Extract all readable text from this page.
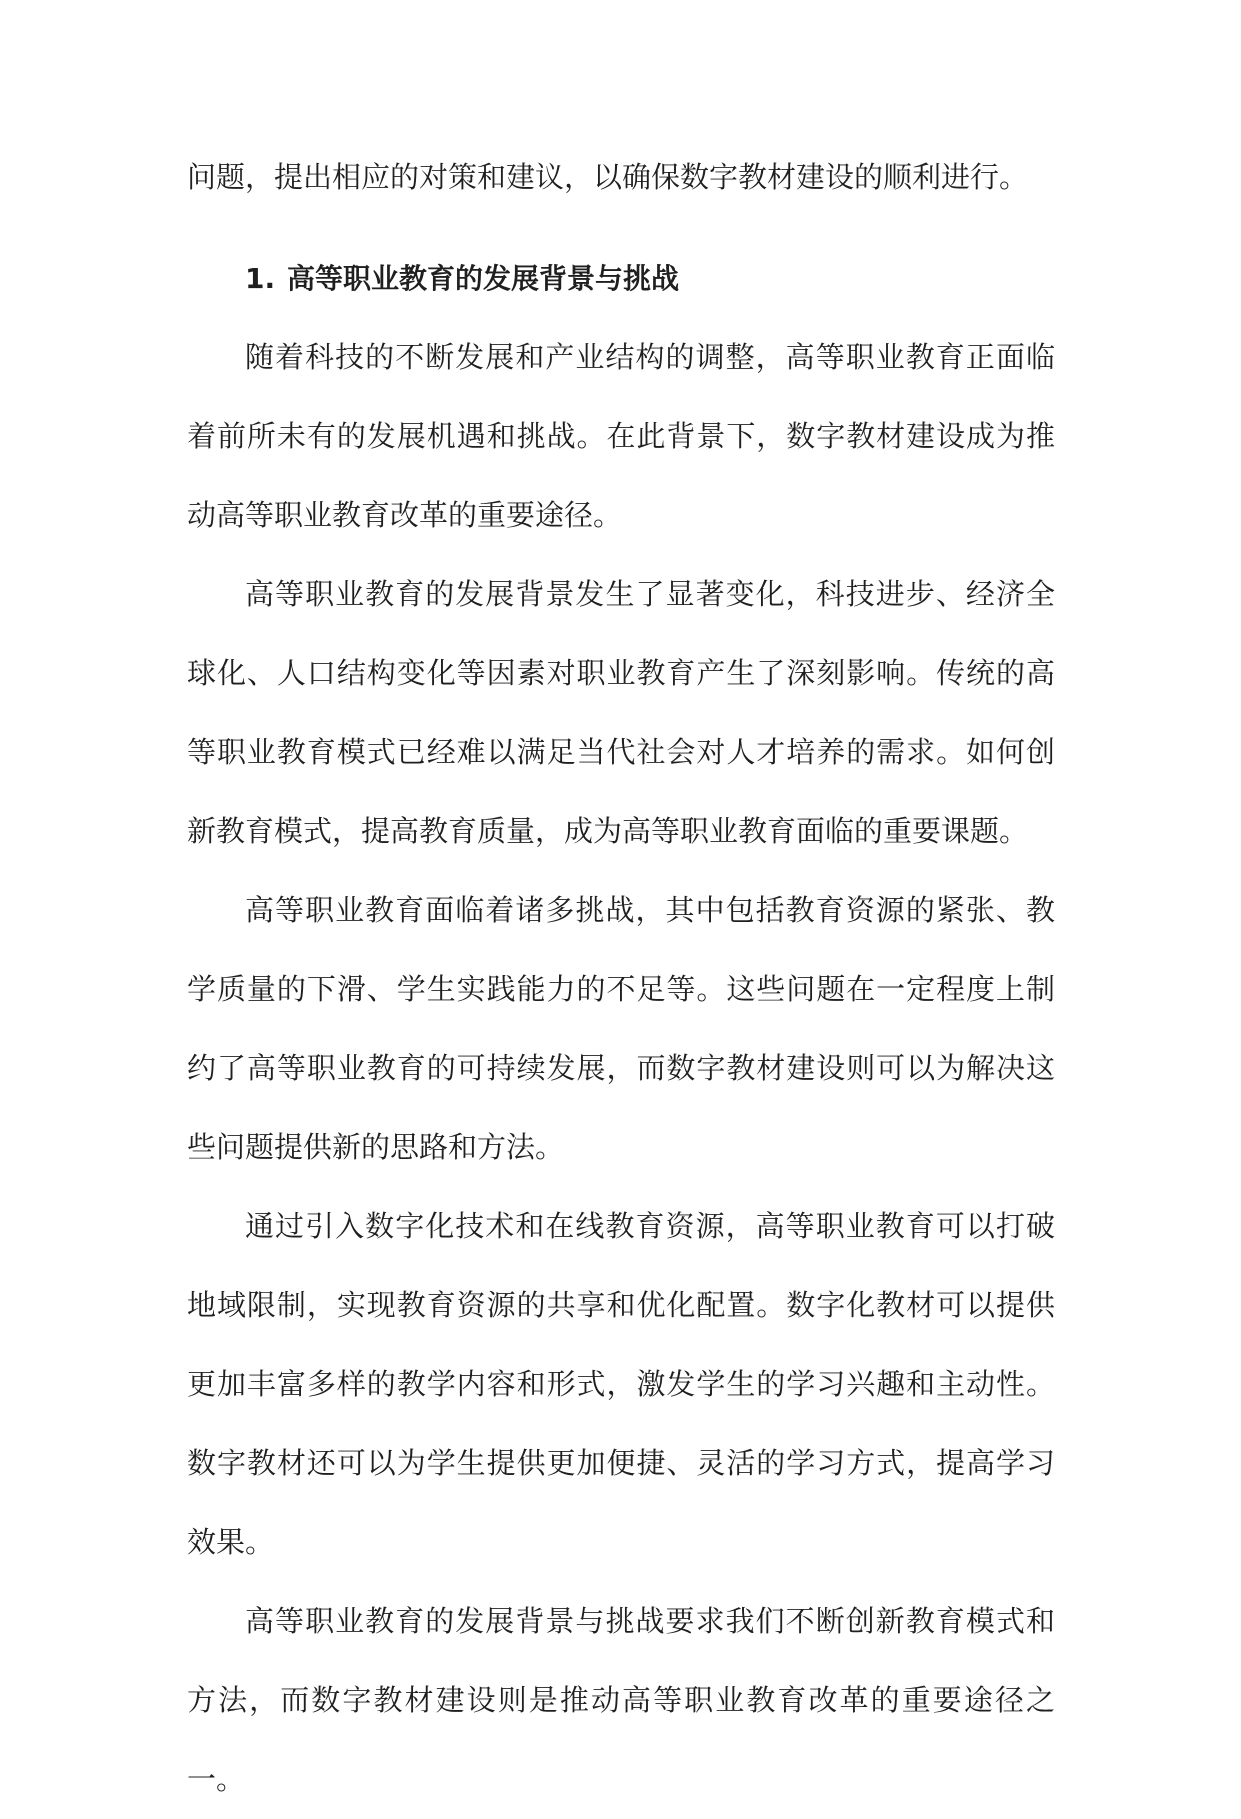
问题，提出相应的对策和建议，以确保数字教材建设的顺利进行。

1. 高等职业教育的发展背景与挑战

随着科技的不断发展和产业结构的调整，高等职业教育正面临着前所未有的发展机遇和挑战。在此背景下，数字教材建设成为推动高等职业教育改革的重要途径。

高等职业教育的发展背景发生了显著变化，科技进步、经济全球化、人口结构变化等因素对职业教育产生了深刻影响。传统的高等职业教育模式已经难以满足当代社会对人才培养的需求。如何创新教育模式，提高教育质量，成为高等职业教育面临的重要课题。

高等职业教育面临着诸多挑战，其中包括教育资源的紧张、教学质量的下滑、学生实践能力的不足等。这些问题在一定程度上制约了高等职业教育的可持续发展，而数字教材建设则可以为解决这些问题提供新的思路和方法。

通过引入数字化技术和在线教育资源，高等职业教育可以打破地域限制，实现教育资源的共享和优化配置。数字化教材可以提供更加丰富多样的教学内容和形式，激发学生的学习兴趣和主动性。数字教材还可以为学生提供更加便捷、灵活的学习方式，提高学习效果。

高等职业教育的发展背景与挑战要求我们不断创新教育模式和方法，而数字教材建设则是推动高等职业教育改革的重要途径之一。
